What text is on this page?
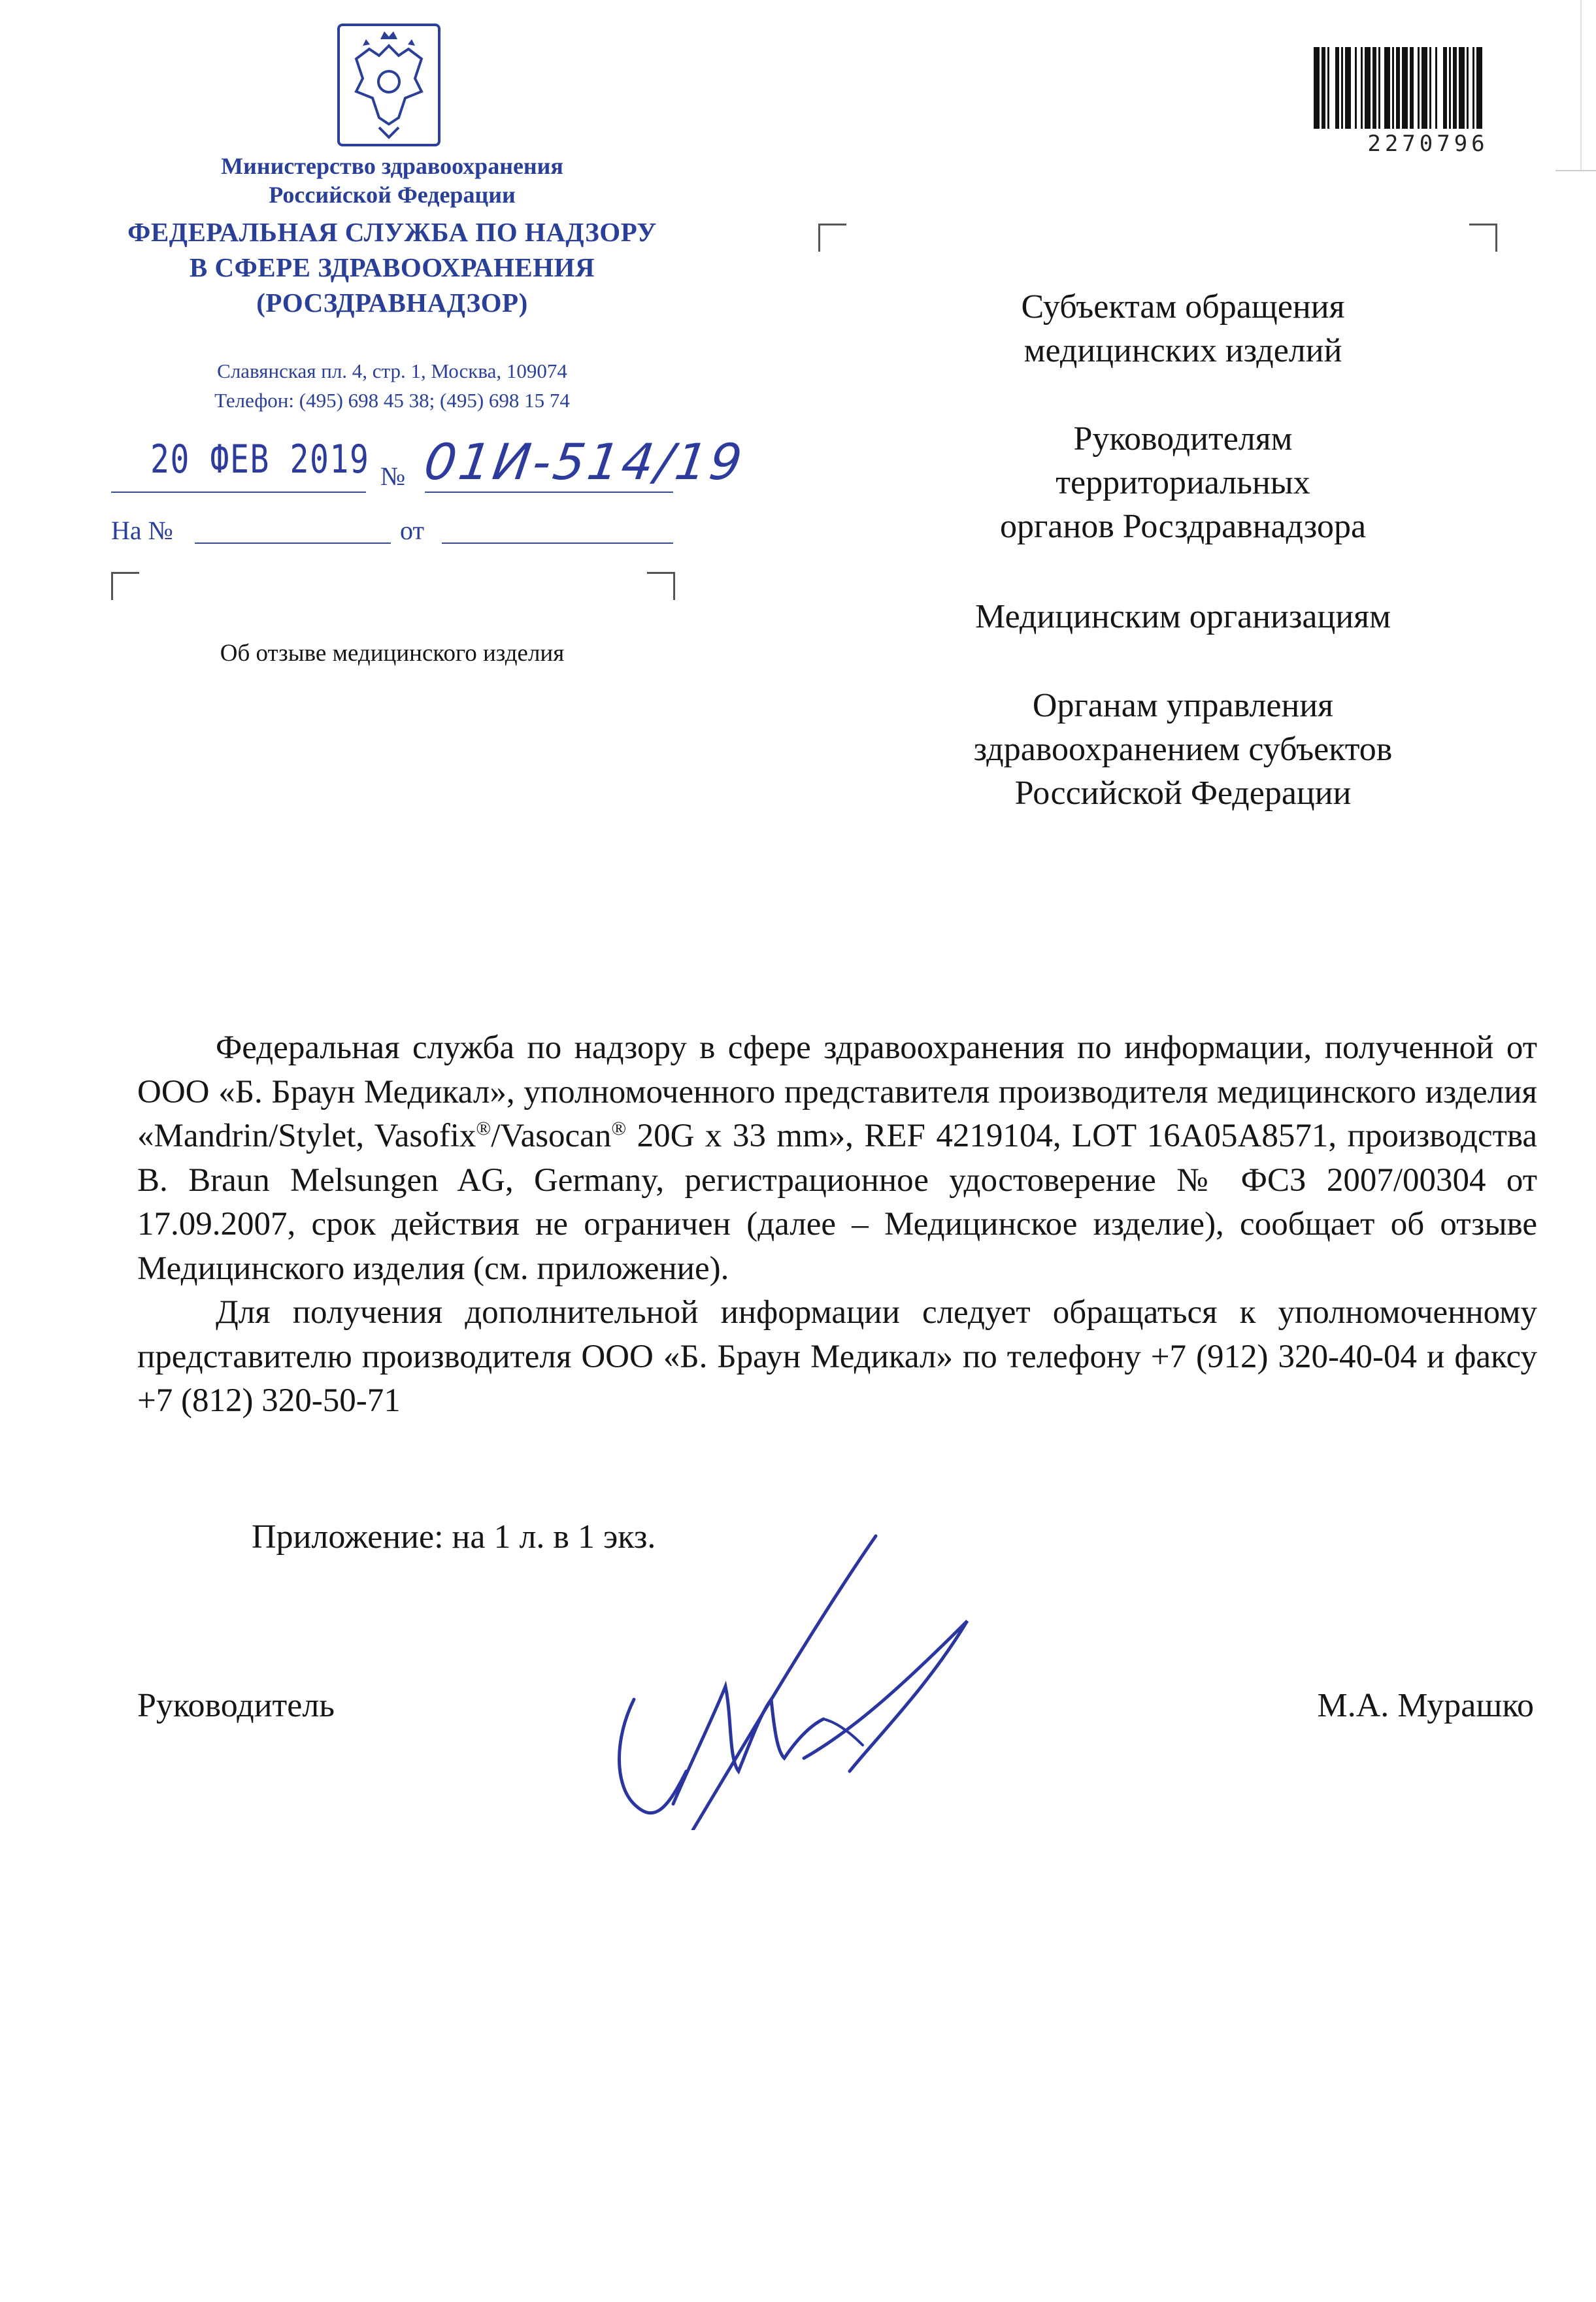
Министерство здравоохранения
Российской Федерации
ФЕДЕРАЛЬНАЯ СЛУЖБА ПО НАДЗОРУ
В СФЕРЕ ЗДРАВООХРАНЕНИЯ
(РОСЗДРАВНАДЗОР)
Славянская пл. 4, стр. 1, Москва, 109074
Телефон: (495) 698 45 38; (495) 698 15 74
20 ФЕВ 2019 № 01И-514/19
На №	от
Об отзыве медицинского изделия
2270796
Субъектам обращения
медицинских изделий
Руководителям
территориальных
органов Росздравнадзора
Медицинским организациям
Органам управления
здравоохранением субъектов
Российской Федерации

Федеральная служба по надзору в сфере здравоохранения по информации, полученной от ООО «Б. Браун Медикал», уполномоченного представителя производителя медицинского изделия «Mandrin/Stylet, Vasofix®/Vasocan® 20G x 33 mm», REF 4219104, LOT 16A05A8571, производства B. Braun Melsungen AG, Germany, регистрационное удостоверение № ФСЗ 2007/00304 от 17.09.2007, срок действия не ограничен (далее – Медицинское изделие), сообщает об отзыве Медицинского изделия (см. приложение).

Для получения дополнительной информации следует обращаться к уполномоченному представителю производителя ООО «Б. Браун Медикал» по телефону +7 (912) 320-40-04 и факсу +7 (812) 320-50-71

Приложение: на 1 л. в 1 экз.
Руководитель	М.А. Мурашко
